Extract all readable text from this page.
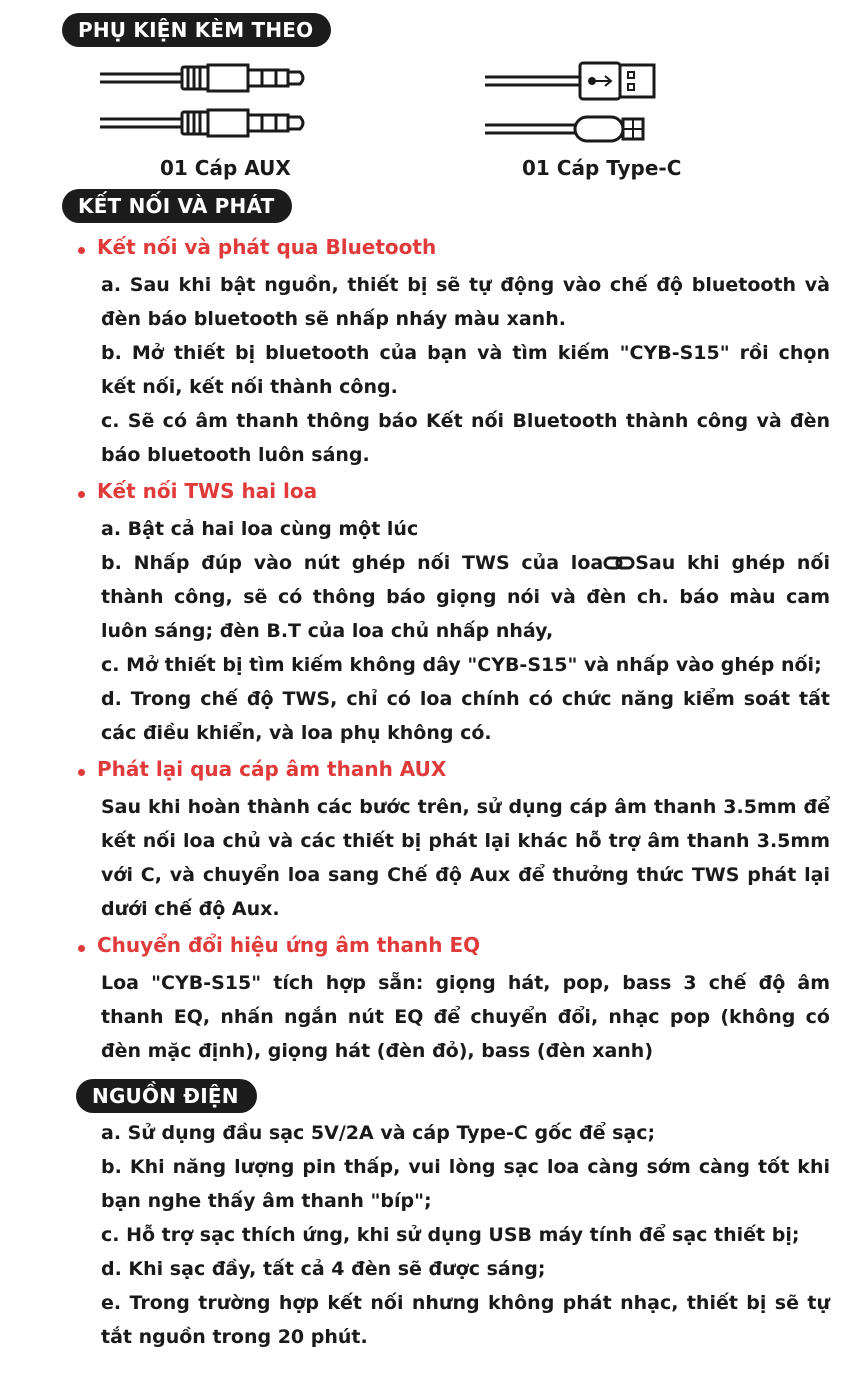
PHỤ KIỆN KÈM THEO
01 Cáp AUX	01 Cáp Type-C
KẾT NỐI VÀ PHÁT
Kết nối và phát qua Bluetooth
a. Sau khi bật nguồn, thiết bị sẽ tự động vào chế độ bluetooth và đèn báo bluetooth sẽ nhấp nháy màu xanh.
b. Mở thiết bị bluetooth của bạn và tìm kiếm "CYB-S15" rồi chọn kết nối, kết nối thành công.
c. Sẽ có âm thanh thông báo Kết nối Bluetooth thành công và đèn báo bluetooth luôn sáng.
Kết nối TWS hai loa
a. Bật cả hai loa cùng một lúc
b. Nhấp đúp vào nút ghép nối TWS của loa Sau khi ghép nối thành công, sẽ có thông báo giọng nói và đèn ch. báo màu cam luôn sáng; đèn B.T của loa chủ nhấp nháy,
c. Mở thiết bị tìm kiếm không dây "CYB-S15" và nhấp vào ghép nối;
d. Trong chế độ TWS, chỉ có loa chính có chức năng kiểm soát tất các điều khiển, và loa phụ không có.
Phát lại qua cáp âm thanh AUX
Sau khi hoàn thành các bước trên, sử dụng cáp âm thanh 3.5mm để kết nối loa chủ và các thiết bị phát lại khác hỗ trợ âm thanh 3.5mm với C, và chuyển loa sang Chế độ Aux để thưởng thức TWS phát lại dưới chế độ Aux.
Chuyển đổi hiệu ứng âm thanh EQ
Loa "CYB-S15" tích hợp sẵn: giọng hát, pop, bass 3 chế độ âm thanh EQ, nhấn ngắn nút EQ để chuyển đổi, nhạc pop (không có đèn mặc định), giọng hát (đèn đỏ), bass (đèn xanh)
NGUỒN ĐIỆN
a. Sử dụng đầu sạc 5V/2A và cáp Type-C gốc để sạc;
b. Khi năng lượng pin thấp, vui lòng sạc loa càng sớm càng tốt khi bạn nghe thấy âm thanh "bíp";
c. Hỗ trợ sạc thích ứng, khi sử dụng USB máy tính để sạc thiết bị;
d. Khi sạc đầy, tất cả 4 đèn sẽ được sáng;
e. Trong trường hợp kết nối nhưng không phát nhạc, thiết bị sẽ tự tắt nguồn trong 20 phút.
